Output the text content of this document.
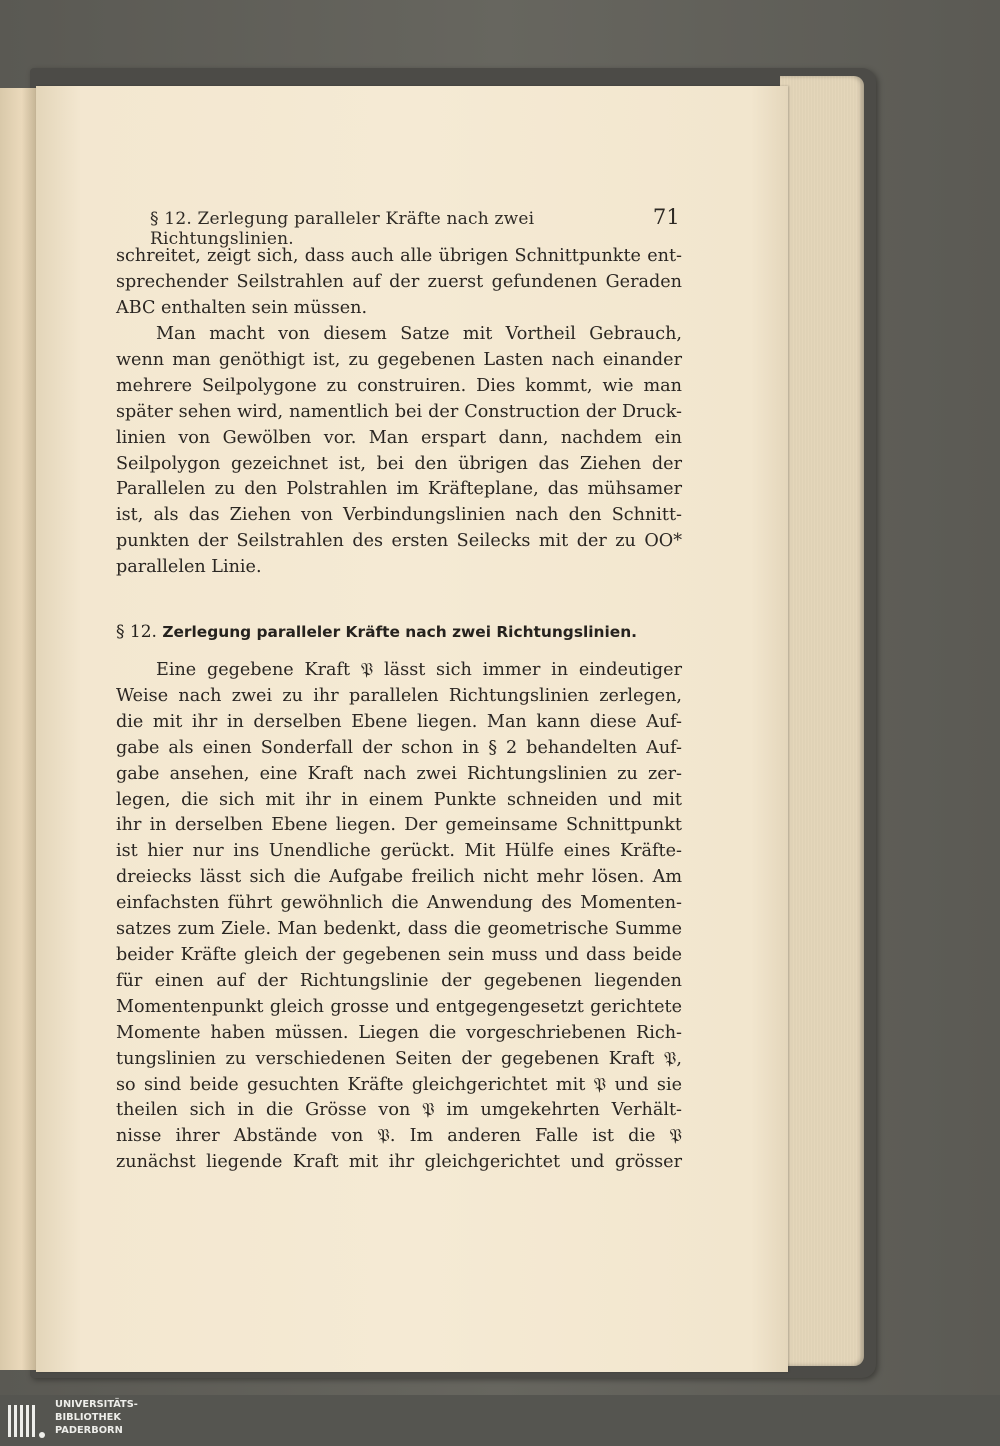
§ 12. Zerlegung paralleler Kräfte nach zwei Richtungslinien.
71
schreitet, zeigt sich, dass auch alle übrigen Schnittpunkte ent-
sprechender Seilstrahlen auf der zuerst gefundenen Geraden
ABC enthalten sein müssen.
Man macht von diesem Satze mit Vortheil Gebrauch,
wenn man genöthigt ist, zu gegebenen Lasten nach einander
mehrere Seilpolygone zu construiren. Dies kommt, wie man
später sehen wird, namentlich bei der Construction der Druck-
linien von Gewölben vor. Man erspart dann, nachdem ein
Seilpolygon gezeichnet ist, bei den übrigen das Ziehen der
Parallelen zu den Polstrahlen im Kräfteplane, das mühsamer
ist, als das Ziehen von Verbindungslinien nach den Schnitt-
punkten der Seilstrahlen des ersten Seilecks mit der zu OO*
parallelen Linie.
§ 12. Zerlegung paralleler Kräfte nach zwei Richtungslinien.
Eine gegebene Kraft 𝔓 lässt sich immer in eindeutiger
Weise nach zwei zu ihr parallelen Richtungslinien zerlegen,
die mit ihr in derselben Ebene liegen. Man kann diese Auf-
gabe als einen Sonderfall der schon in § 2 behandelten Auf-
gabe ansehen, eine Kraft nach zwei Richtungslinien zu zer-
legen, die sich mit ihr in einem Punkte schneiden und mit
ihr in derselben Ebene liegen. Der gemeinsame Schnittpunkt
ist hier nur ins Unendliche gerückt. Mit Hülfe eines Kräfte-
dreiecks lässt sich die Aufgabe freilich nicht mehr lösen. Am
einfachsten führt gewöhnlich die Anwendung des Momenten-
satzes zum Ziele. Man bedenkt, dass die geometrische Summe
beider Kräfte gleich der gegebenen sein muss und dass beide
für einen auf der Richtungslinie der gegebenen liegenden
Momentenpunkt gleich grosse und entgegengesetzt gerichtete
Momente haben müssen. Liegen die vorgeschriebenen Rich-
tungslinien zu verschiedenen Seiten der gegebenen Kraft 𝔓,
so sind beide gesuchten Kräfte gleichgerichtet mit 𝔓 und sie
theilen sich in die Grösse von 𝔓 im umgekehrten Verhält-
nisse ihrer Abstände von 𝔓. Im anderen Falle ist die 𝔓
zunächst liegende Kraft mit ihr gleichgerichtet und grösser
UNIVERSITÄTS-
BIBLIOTHEK
PADERBORN
